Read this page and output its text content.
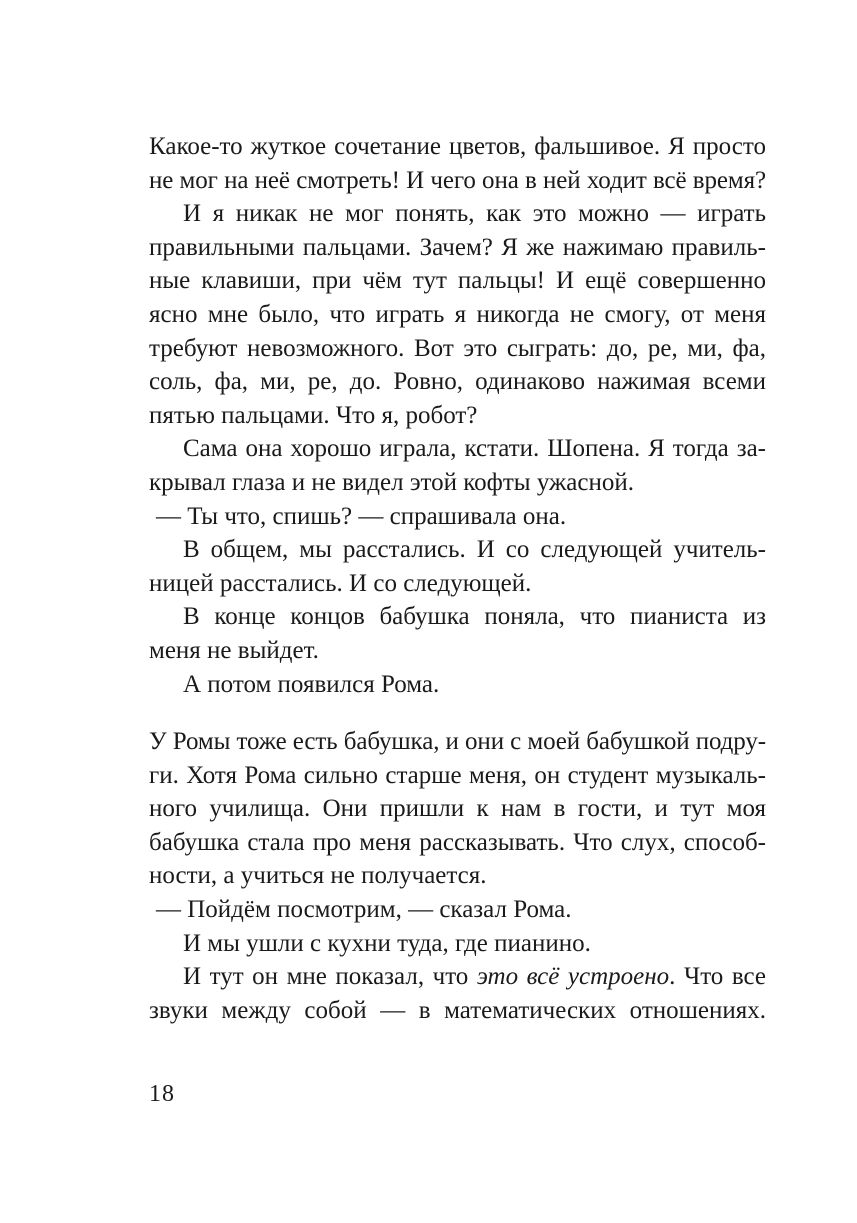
Какое-то жуткое сочетание цветов, фальшивое. Я просто
не мог на неё смотреть! И чего она в ней ходит всё время?
И я никак не мог понять, как это можно — играть
правильными пальцами. Зачем? Я же нажимаю правиль-
ные клавиши, при чём тут пальцы! И ещё совершенно
ясно мне было, что играть я никогда не смогу, от меня
требуют невозможного. Вот это сыграть: до, ре, ми, фа,
соль, фа, ми, ре, до. Ровно, одинаково нажимая всеми
пятью пальцами. Что я, робот?
Сама она хорошо играла, кстати. Шопена. Я тогда за-
крывал глаза и не видел этой кофты ужасной.
— Ты что, спишь? — спрашивала она.
В общем, мы расстались. И со следующей учитель-
ницей расстались. И со следующей.
В конце концов бабушка поняла, что пианиста из
меня не выйдет.
А потом появился Рома.
У Ромы тоже есть бабушка, и они с моей бабушкой подру-
ги. Хотя Рома сильно старше меня, он студент музыкаль-
ного училища. Они пришли к нам в гости, и тут моя
бабушка стала про меня рассказывать. Что слух, способ-
ности, а учиться не получается.
— Пойдём посмотрим, — сказал Рома.
И мы ушли с кухни туда, где пианино.
И тут он мне показал, что это всё устроено. Что все
звуки между собой — в математических отношениях.
18
